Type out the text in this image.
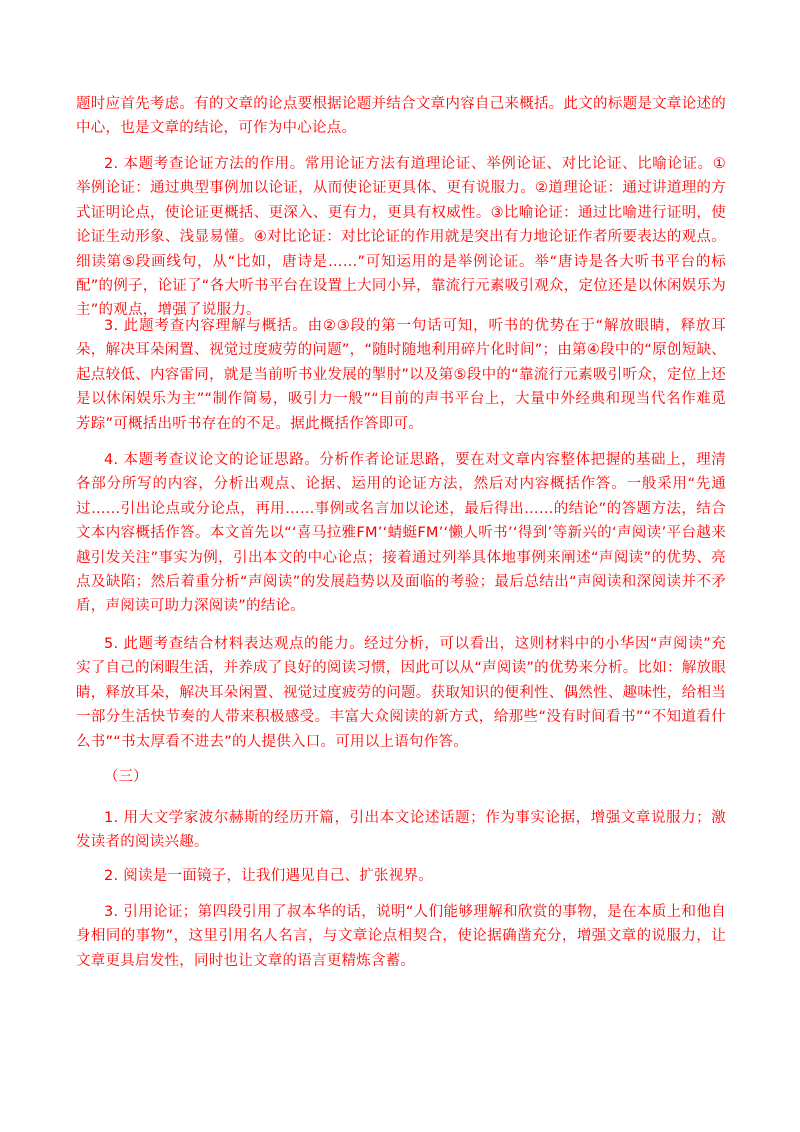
题时应首先考虑。有的文章的论点要根据论题并结合文章内容自己来概括。此文的标题是文章论述的中心，也是文章的结论，可作为中心论点。

2. 本题考查论证方法的作用。常用论证方法有道理论证、举例论证、对比论证、比喻论证。①举例论证：通过典型事例加以论证，从而使论证更具体、更有说服力。②道理论证：通过讲道理的方式证明论点，使论证更概括、更深入、更有力，更具有权威性。③比喻论证：通过比喻进行证明，使论证生动形象、浅显易懂。④对比论证：对比论证的作用就是突出有力地论证作者所要表达的观点。细读第⑤段画线句，从“比如，唐诗是……”可知运用的是举例论证。举“唐诗是各大听书平台的标配”的例子，论证了“各大听书平台在设置上大同小异，靠流行元素吸引观众，定位还是以休闲娱乐为主”的观点，增强了说服力。

3. 此题考查内容理解与概括。由②③段的第一句话可知，听书的优势在于“解放眼睛，释放耳朵，解决耳朵闲置、视觉过度疲劳的问题”，“随时随地利用碎片化时间”；由第④段中的“原创短缺、起点较低、内容雷同，就是当前听书业发展的掣肘”以及第⑤段中的“靠流行元素吸引听众，定位上还是以休闲娱乐为主”“制作简易，吸引力一般”“目前的声书平台上，大量中外经典和现当代名作难觅芳踪”可概括出听书存在的不足。据此概括作答即可。

4. 本题考查议论文的论证思路。分析作者论证思路，要在对文章内容整体把握的基础上，理清各部分所写的内容，分析出观点、论据、运用的论证方法，然后对内容概括作答。一般采用“先通过……引出论点或分论点，再用……事例或名言加以论述，最后得出……的结论”的答题方法，结合文本内容概括作答。本文首先以“‘喜马拉雅FM’‘蜻蜓FM’‘懒人听书’‘得到’等新兴的‘声阅读’平台越来越引发关注”事实为例，引出本文的中心论点；接着通过列举具体地事例来阐述“声阅读”的优势、亮点及缺陷；然后着重分析“声阅读”的发展趋势以及面临的考验；最后总结出“声阅读和深阅读并不矛盾，声阅读可助力深阅读”的结论。

5. 此题考查结合材料表达观点的能力。经过分析，可以看出，这则材料中的小华因“声阅读”充实了自己的闲暇生活，并养成了良好的阅读习惯，因此可以从“声阅读”的优势来分析。比如：解放眼睛，释放耳朵，解决耳朵闲置、视觉过度疲劳的问题。获取知识的便利性、偶然性、趣味性，给相当一部分生活快节奏的人带来积极感受。丰富大众阅读的新方式，给那些“没有时间看书”“不知道看什么书”“书太厚看不进去”的人提供入口。可用以上语句作答。

（三）

1. 用大文学家波尔赫斯的经历开篇，引出本文论述话题；作为事实论据，增强文章说服力；激发读者的阅读兴趣。

2. 阅读是一面镜子，让我们遇见自己、扩张视界。

3. 引用论证；第四段引用了叔本华的话，说明“人们能够理解和欣赏的事物，是在本质上和他自身相同的事物”，这里引用名人名言，与文章论点相契合，使论据确凿充分，增强文章的说服力，让文章更具启发性，同时也让文章的语言更精炼含蓄。
